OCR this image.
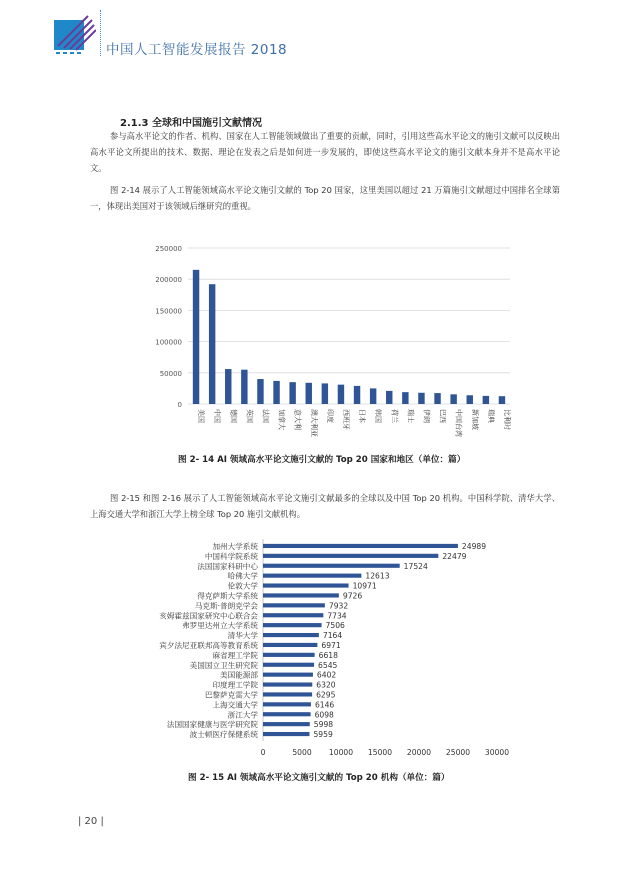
中国人工智能发展报告 2018
2.1.3 全球和中国施引文献情况
参与高水平论文的作者、机构、国家在人工智能领域做出了重要的贡献，同时，引用这些高水平论文的施引文献可以反映出高水平论文所提出的技术、数据、理论在发表之后是如何进一步发展的，即使这些高水平论文的施引文献本身并不是高水平论文。
图 2-14 展示了人工智能领域高水平论文施引文献的 Top 20 国家，这里美国以超过 21 万篇施引文献超过中国排名全球第一，体现出美国对于该领域后继研究的重视。
0
50000
100000
150000
200000
250000
美国 中国 德国 英国 法国 加拿大 意大利 澳大利亚 印度 西班牙 日本 韩国 荷兰 瑞士 伊朗 巴西 中国台湾 新加坡 瑞典 比利时
图 2- 14 AI 领域高水平论文施引文献的 Top 20 国家和地区（单位：篇）
图 2-15 和图 2-16 展示了人工智能领域高水平论文施引文献最多的全球以及中国 Top 20 机构。中国科学院、清华大学、上海交通大学和浙江大学上榜全球 Top 20 施引文献机构。
加州大学系统	24989
中国科学院系统	22479
法国国家科研中心	17524
哈佛大学	12613
伦敦大学	10971
得克萨斯大学系统	9726
马克斯·普朗克学会	7932
亥姆霍兹国家研究中心联合会	7734
弗罗里达州立大学系统	7506
清华大学	7164
宾夕法尼亚联邦高等教育系统	6971
麻省理工学院	6618
美国国立卫生研究院	6545
美国能源部	6402
印度理工学院	6320
巴黎萨克雷大学	6295
上海交通大学	6146
浙江大学	6098
法国国家健康与医学研究院	5998
波士顿医疗保健系统	5959
0	5000 10000 15000 20000 25000 30000
图 2- 15 AI 领域高水平论文施引文献的 Top 20 机构（单位：篇）
| 20 |
